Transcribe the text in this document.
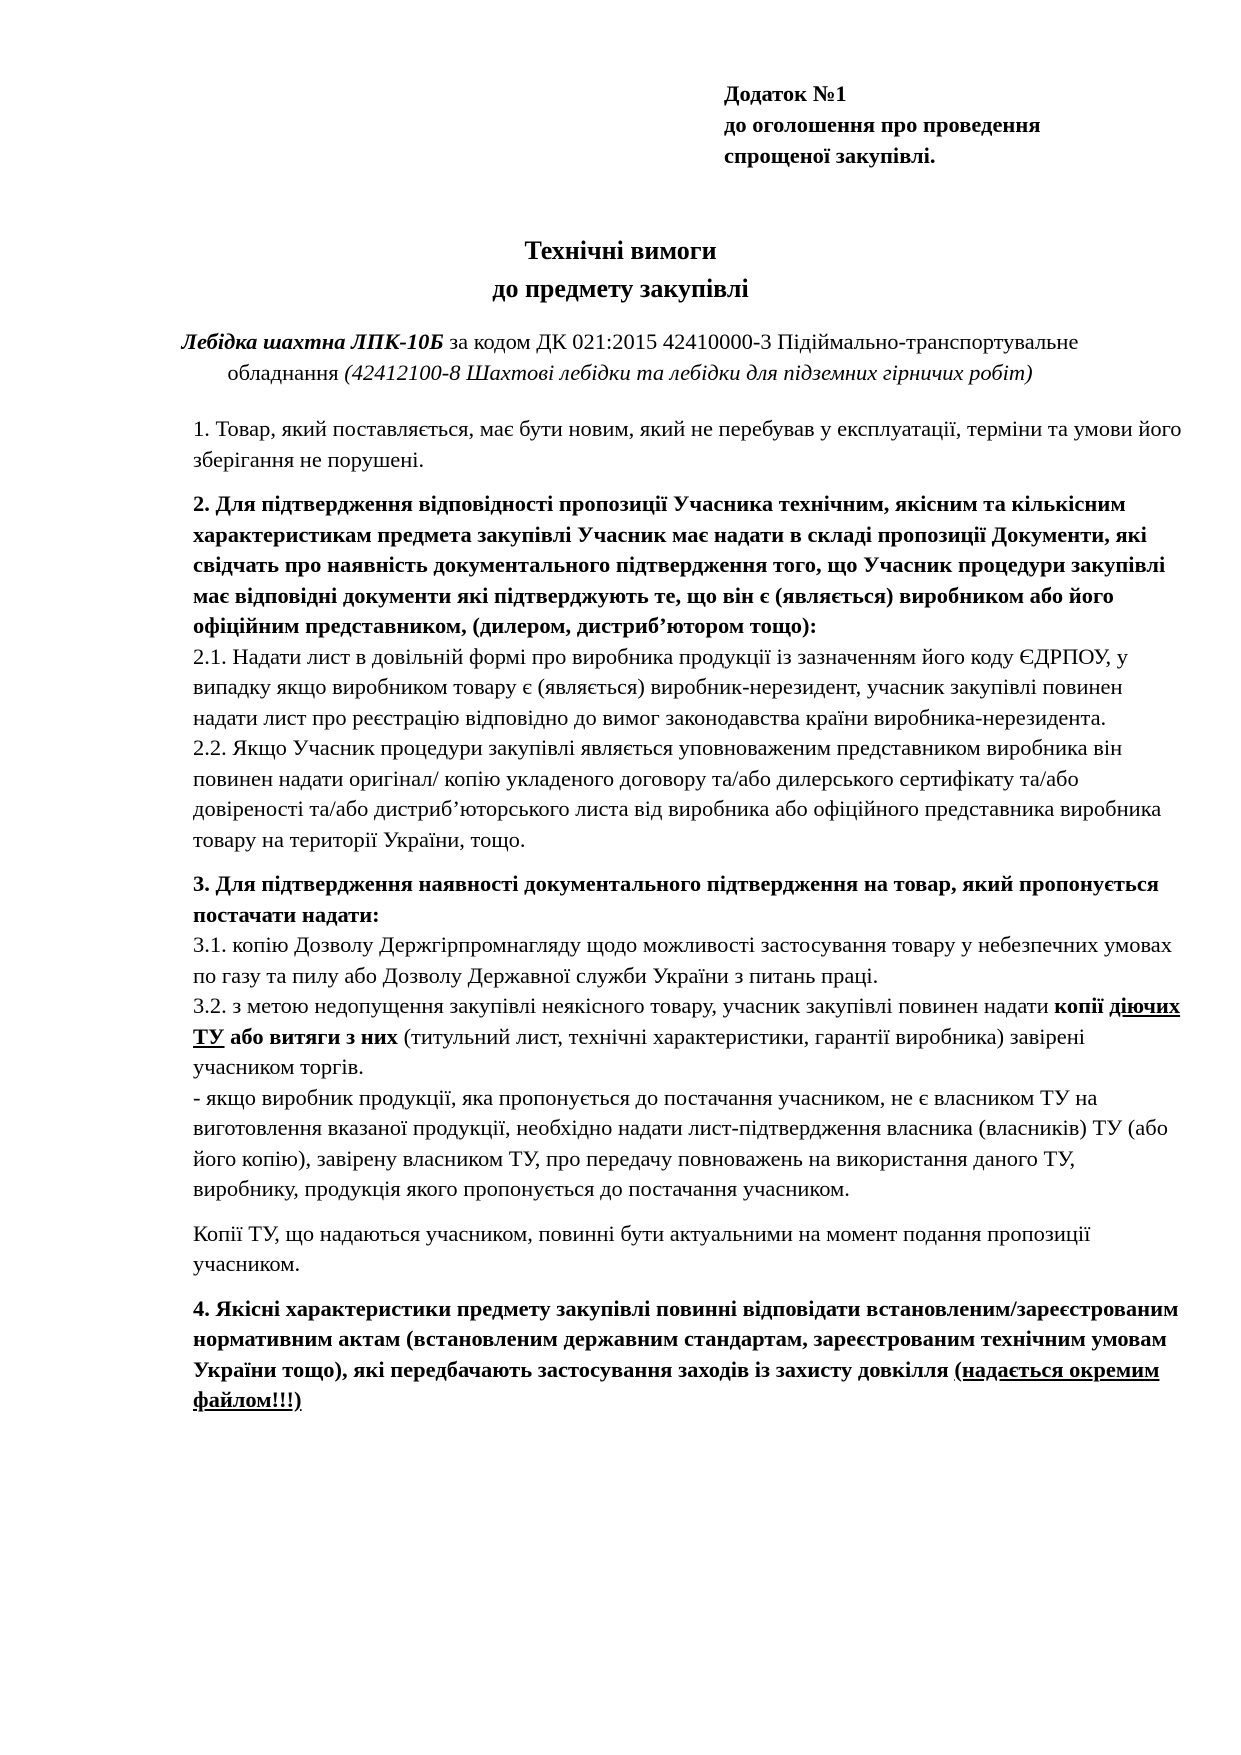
Додаток №1
до оголошення про проведення
спрощеної закупівлі.
Технічні вимоги
до предмету закупівлі
Лебідка шахтна ЛПК-10Б за кодом ДК 021:2015 42410000-3 Підіймально-транспортувальне обладнання (42412100-8 Шахтові лебідки та лебідки для підземних гірничих робіт)

1. Товар, який поставляється, має бути новим, який не перебував у експлуатації, терміни та умови його зберігання не порушені.

2. Для підтвердження відповідності пропозиції Учасника технічним, якісним та кількісним характеристикам предмета закупівлі Учасник має надати в складі пропозиції Документи, які свідчать про наявність документального підтвердження того, що Учасник процедури закупівлі має відповідні документи які підтверджують те, що він є (являється) виробником або його офіційним представником, (дилером, дистриб’ютором тощо):

2.1. Надати лист в довільній формі про виробника продукції із зазначенням його коду ЄДРПОУ, у випадку якщо виробником товару є (являється) виробник-нерезидент, учасник закупівлі повинен надати лист про реєстрацію відповідно до вимог законодавства країни виробника-нерезидента.

2.2. Якщо Учасник процедури закупівлі являється уповноваженим представником виробника він повинен надати оригінал/ копію укладеного договору та/або дилерського сертифікату та/або довіреності та/або дистриб’юторського листа від виробника або офіційного представника виробника товару на території України, тощо.

3. Для підтвердження наявності документального підтвердження на товар, який пропонується постачати надати:

3.1. копію Дозволу Держгірпромнагляду щодо можливості застосування товару у небезпечних умовах по газу та пилу або Дозволу Державної служби України з питань праці.

3.2. з метою недопущення закупівлі неякісного товару, учасник закупівлі повинен надати копії діючих ТУ або витяги з них (титульний лист, технічні характеристики, гарантії виробника) завірені учасником торгів.

- якщо виробник продукції, яка пропонується до постачання учасником, не є власником ТУ на виготовлення вказаної продукції, необхідно надати лист-підтвердження власника (власників) ТУ (або його копію), завірену власником ТУ, про передачу повноважень на використання даного ТУ, виробнику, продукція якого пропонується до постачання учасником.

Копії ТУ, що надаються учасником, повинні бути актуальними на момент подання пропозиції учасником.

4. Якісні характеристики предмету закупівлі повинні відповідати встановленим/зареєстрованим нормативним актам (встановленим державним стандартам, зареєстрованим технічним умовам України тощо), які передбачають застосування заходів із захисту довкілля (надається окремим файлом!!!)
